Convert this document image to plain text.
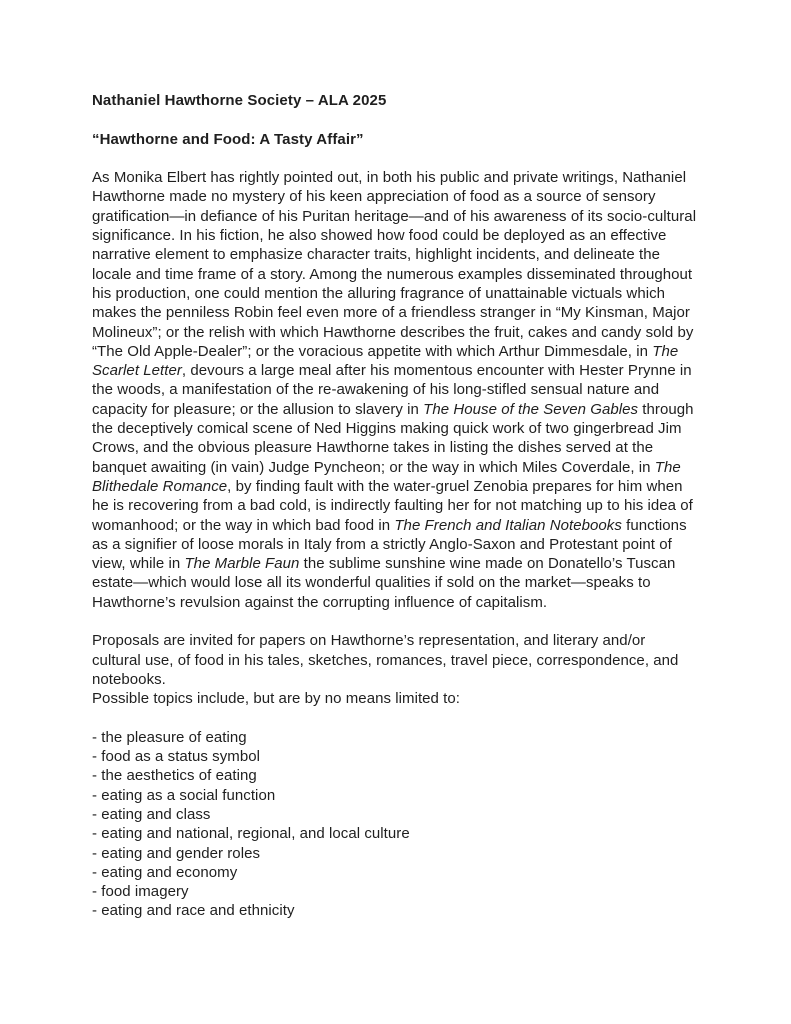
Nathaniel Hawthorne Society – ALA 2025
“Hawthorne and Food: A Tasty Affair”
As Monika Elbert has rightly pointed out, in both his public and private writings, Nathaniel Hawthorne made no mystery of his keen appreciation of food as a source of sensory gratification—in defiance of his Puritan heritage—and of his awareness of its socio-cultural significance. In his fiction, he also showed how food could be deployed as an effective narrative element to emphasize character traits, highlight incidents, and delineate the locale and time frame of a story. Among the numerous examples disseminated throughout his production, one could mention the alluring fragrance of unattainable victuals which makes the penniless Robin feel even more of a friendless stranger in “My Kinsman, Major Molineux”; or the relish with which Hawthorne describes the fruit, cakes and candy sold by “The Old Apple-Dealer”; or the voracious appetite with which Arthur Dimmesdale, in The Scarlet Letter, devours a large meal after his momentous encounter with Hester Prynne in the woods, a manifestation of the re-awakening of his long-stifled sensual nature and capacity for pleasure; or the allusion to slavery in The House of the Seven Gables through the deceptively comical scene of Ned Higgins making quick work of two gingerbread Jim Crows, and the obvious pleasure Hawthorne takes in listing the dishes served at the banquet awaiting (in vain) Judge Pyncheon; or the way in which Miles Coverdale, in The Blithedale Romance, by finding fault with the water-gruel Zenobia prepares for him when he is recovering from a bad cold, is indirectly faulting her for not matching up to his idea of womanhood; or the way in which bad food in The French and Italian Notebooks functions as a signifier of loose morals in Italy from a strictly Anglo-Saxon and Protestant point of view, while in The Marble Faun the sublime sunshine wine made on Donatello’s Tuscan estate—which would lose all its wonderful qualities if sold on the market—speaks to Hawthorne’s revulsion against the corrupting influence of capitalism.
Proposals are invited for papers on Hawthorne’s representation, and literary and/or cultural use, of food in his tales, sketches, romances, travel piece, correspondence, and notebooks.
Possible topics include, but are by no means limited to:
- the pleasure of eating
- food as a status symbol
- the aesthetics of eating
- eating as a social function
- eating and class
- eating and national, regional, and local culture
- eating and gender roles
- eating and economy
- food imagery
- eating and race and ethnicity
